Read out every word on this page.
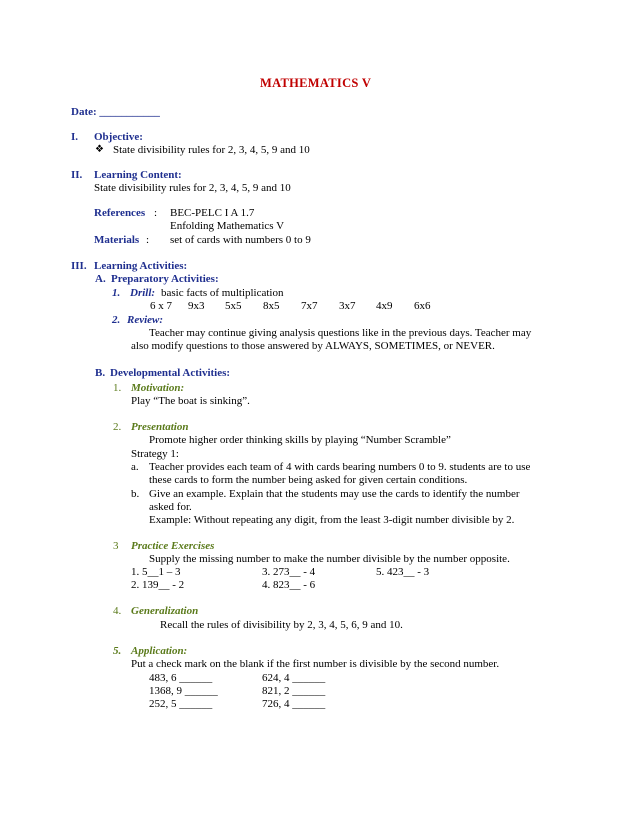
MATHEMATICS V
Date: ___________
I. Objective:
❖ State divisibility rules for 2, 3, 4, 5, 9 and 10
II. Learning Content:
State divisibility rules for 2, 3, 4, 5, 9 and 10
References : BEC-PELC I A 1.7
Enfolding Mathematics V
Materials : set of cards with numbers 0 to 9
III. Learning Activities:
A. Preparatory Activities:
1. Drill: basic facts of multiplication
6 x 7 9x3 5x5 8x5 7x7 3x7 4x9 6x6
2. Review:
Teacher may continue giving analysis questions like in the previous days. Teacher may
also modify questions to those answered by ALWAYS, SOMETIMES, or NEVER.
B. Developmental Activities:
1. Motivation:
Play “The boat is sinking”.
2. Presentation
Promote higher order thinking skills by playing “Number Scramble”
Strategy 1:
a. Teacher provides each team of 4 with cards bearing numbers 0 to 9. students are to use
these cards to form the number being asked for given certain conditions.
b. Give an example. Explain that the students may use the cards to identify the number
asked for.
Example: Without repeating any digit, from the least 3-digit number divisible by 2.
3 Practice Exercises
Supply the missing number to make the number divisible by the number opposite.
1. 5__1 – 3	3. 273__ - 4	5. 423__ - 3
2. 139__ - 2	4. 823__ - 6
4. Generalization
Recall the rules of divisibility by 2, 3, 4, 5, 6, 9 and 10.
5. Application:
Put a check mark on the blank if the first number is divisible by the second number.
483, 6 ______	624, 4 ______
1368, 9 ______	821, 2 ______
252, 5 ______	726, 4 ______
